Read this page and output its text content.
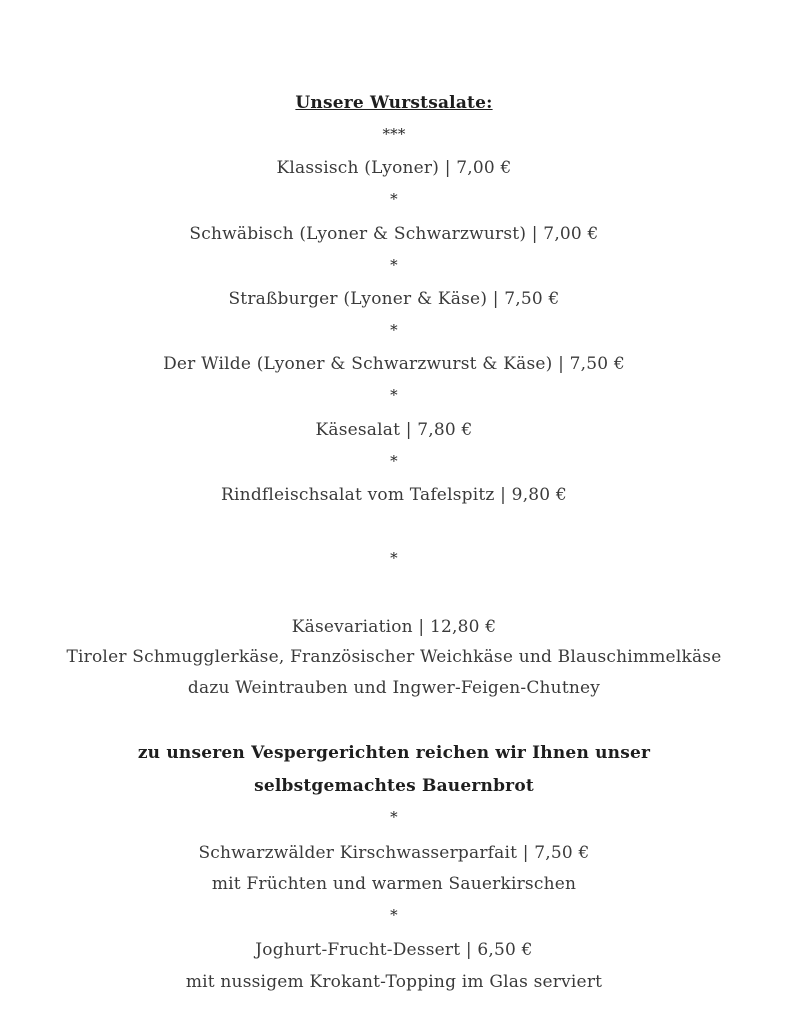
Unsere Wurstsalate:
***
Klassisch (Lyoner) | 7,00 €
*
Schwäbisch (Lyoner & Schwarzwurst) | 7,00 €
*
Straßburger (Lyoner & Käse) | 7,50 €
*
Der Wilde (Lyoner & Schwarzwurst & Käse) | 7,50 €
*
Käsesalat | 7,80 €
*
Rindfleischsalat vom Tafelspitz | 9,80 €
*
Käsevariation | 12,80 €
Tiroler Schmugglerkäse, Französischer Weichkäse und Blauschimmelkäse
dazu Weintrauben und Ingwer-Feigen-Chutney
zu unseren Vespergerichten reichen wir Ihnen unser
selbstgemachtes Bauernbrot
*
Schwarzwälder Kirschwasserparfait | 7,50 €
mit Früchten und warmen Sauerkirschen
*
Joghurt-Frucht-Dessert | 6,50 €
mit nussigem Krokant-Topping im Glas serviert
